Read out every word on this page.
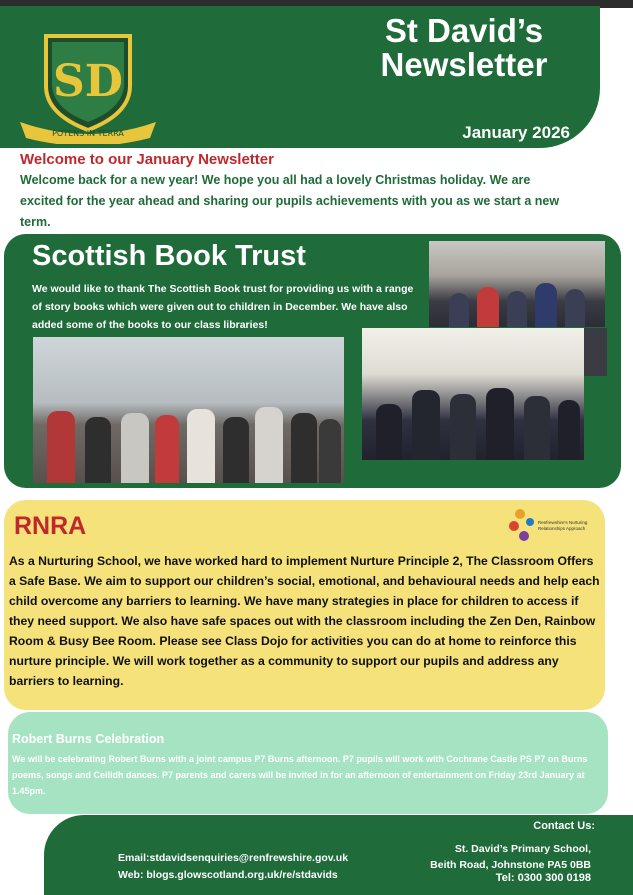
SD
POTENS IN TERRA
St David’s
Newsletter
January 2026
Welcome to our January Newsletter
Welcome back for a new year! We hope you all had a lovely Christmas holiday. We are excited for the year ahead and sharing our pupils achievements with you as we start a new term.
Scottish Book Trust
We would like to thank The Scottish Book trust for providing us with a range of story books which were given out to children in December. We have also added some of the books to our class libraries!
RNRA	Renfrewshire's Nurturing Relationships Approach
As a Nurturing School, we have worked hard to implement Nurture Principle 2, The Classroom Offers a Safe Base. We aim to support our children’s social, emotional, and behavioural needs and help each child overcome any barriers to learning. We have many strategies in place for children to access if they need support. We also have safe spaces out with the classroom including the Zen Den, Rainbow Room & Busy Bee Room. Please see Class Dojo for activities you can do at home to reinforce this nurture principle. We will work together as a community to support our pupils and address any barriers to learning.
Robert Burns Celebration
We will be celebrating Robert Burns with a joint campus P7 Burns afternoon. P7 pupils will work with Cochrane Castle PS P7 on Burns poems, songs and Ceilidh dances. P7 parents and carers will be invited in for an afternoon of entertainment on Friday 23rd January at 1.45pm.
Contact Us:
Email:stdavidsenquiries@renfrewshire.gov.uk
Web: blogs.glowscotland.org.uk/re/stdavids
St. David’s Primary School,
Beith Road, Johnstone PA5 0BB
Tel: 0300 300 0198
